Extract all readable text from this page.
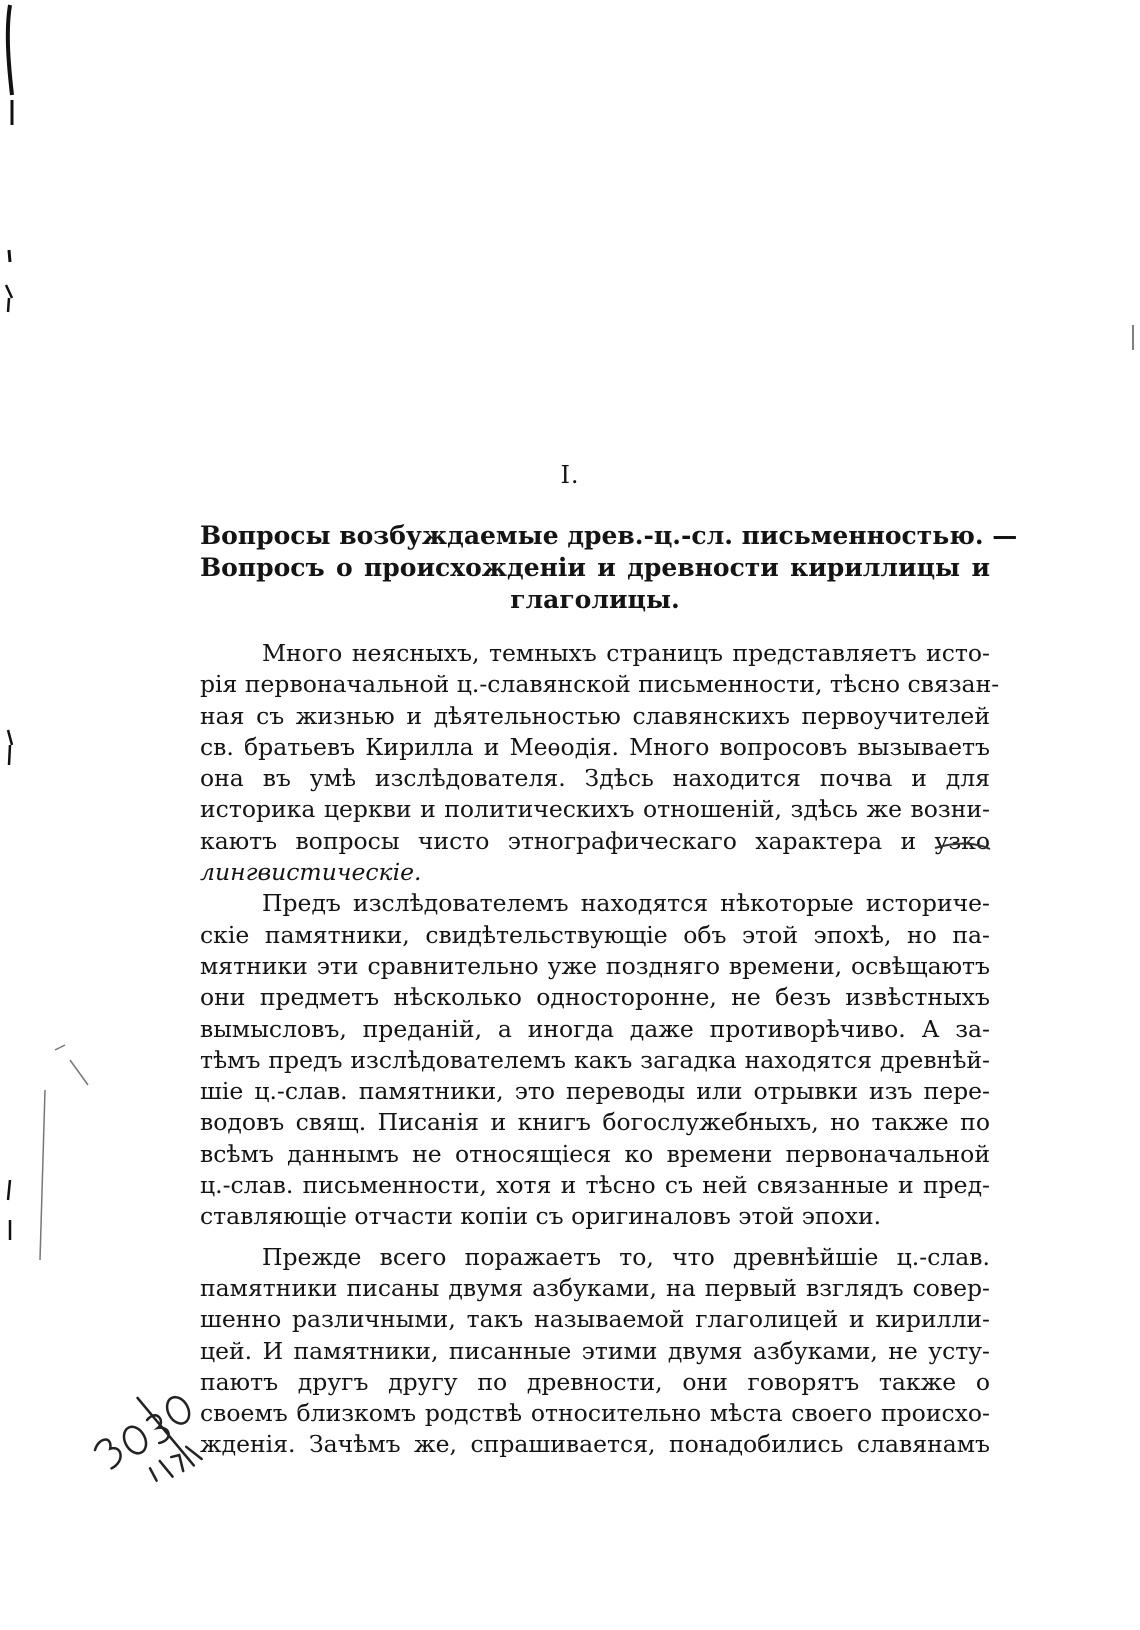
I.
Вопросы возбуждаемые древ.-ц.-сл. письменностью. —
Вопросъ о происхожденіи и древности кириллицы и
глаголицы.
Много неясныхъ, темныхъ страницъ представляетъ исто-
рія первоначальной ц.-славянской письменности, тѣсно связан-
ная съ жизнью и дѣятельностью славянскихъ первоучителей
св. братьевъ Кирилла и Меѳодія. Много вопросовъ вызываетъ
она въ умѣ изслѣдователя. Здѣсь находится почва и для
историка церкви и политическихъ отношеній, здѣсь же возни-
каютъ вопросы чисто этнографическаго характера и узко
лингвистическіе.
Предъ изслѣдователемъ находятся нѣкоторые историче-
скіе памятники, свидѣтельствующіе объ этой эпохѣ, но па-
мятники эти сравнительно уже поздняго времени, освѣщаютъ
они предметъ нѣсколько односторонне, не безъ извѣстныхъ
вымысловъ, преданій, а иногда даже противорѣчиво. А за-
тѣмъ предъ изслѣдователемъ какъ загадка находятся древнѣй-
шіе ц.-слав. памятники, это переводы или отрывки изъ пере-
водовъ свящ. Писанія и книгъ богослужебныхъ, но также по
всѣмъ даннымъ не относящіеся ко времени первоначальной
ц.-слав. письменности, хотя и тѣсно съ ней связанные и пред-
ставляющіе отчасти копіи съ оригиналовъ этой эпохи.
Прежде всего поражаетъ то, что древнѣйшіе ц.-слав.
памятники писаны двумя азбуками, на первый взглядъ совер-
шенно различными, такъ называемой глаголицей и кирилли-
цей. И памятники, писанные этими двумя азбуками, не усту-
паютъ другъ другу по древности, они говорятъ также о
своемъ близкомъ родствѣ относительно мѣста своего происхо-
жденія. Зачѣмъ же, спрашивается, понадобились славянамъ
